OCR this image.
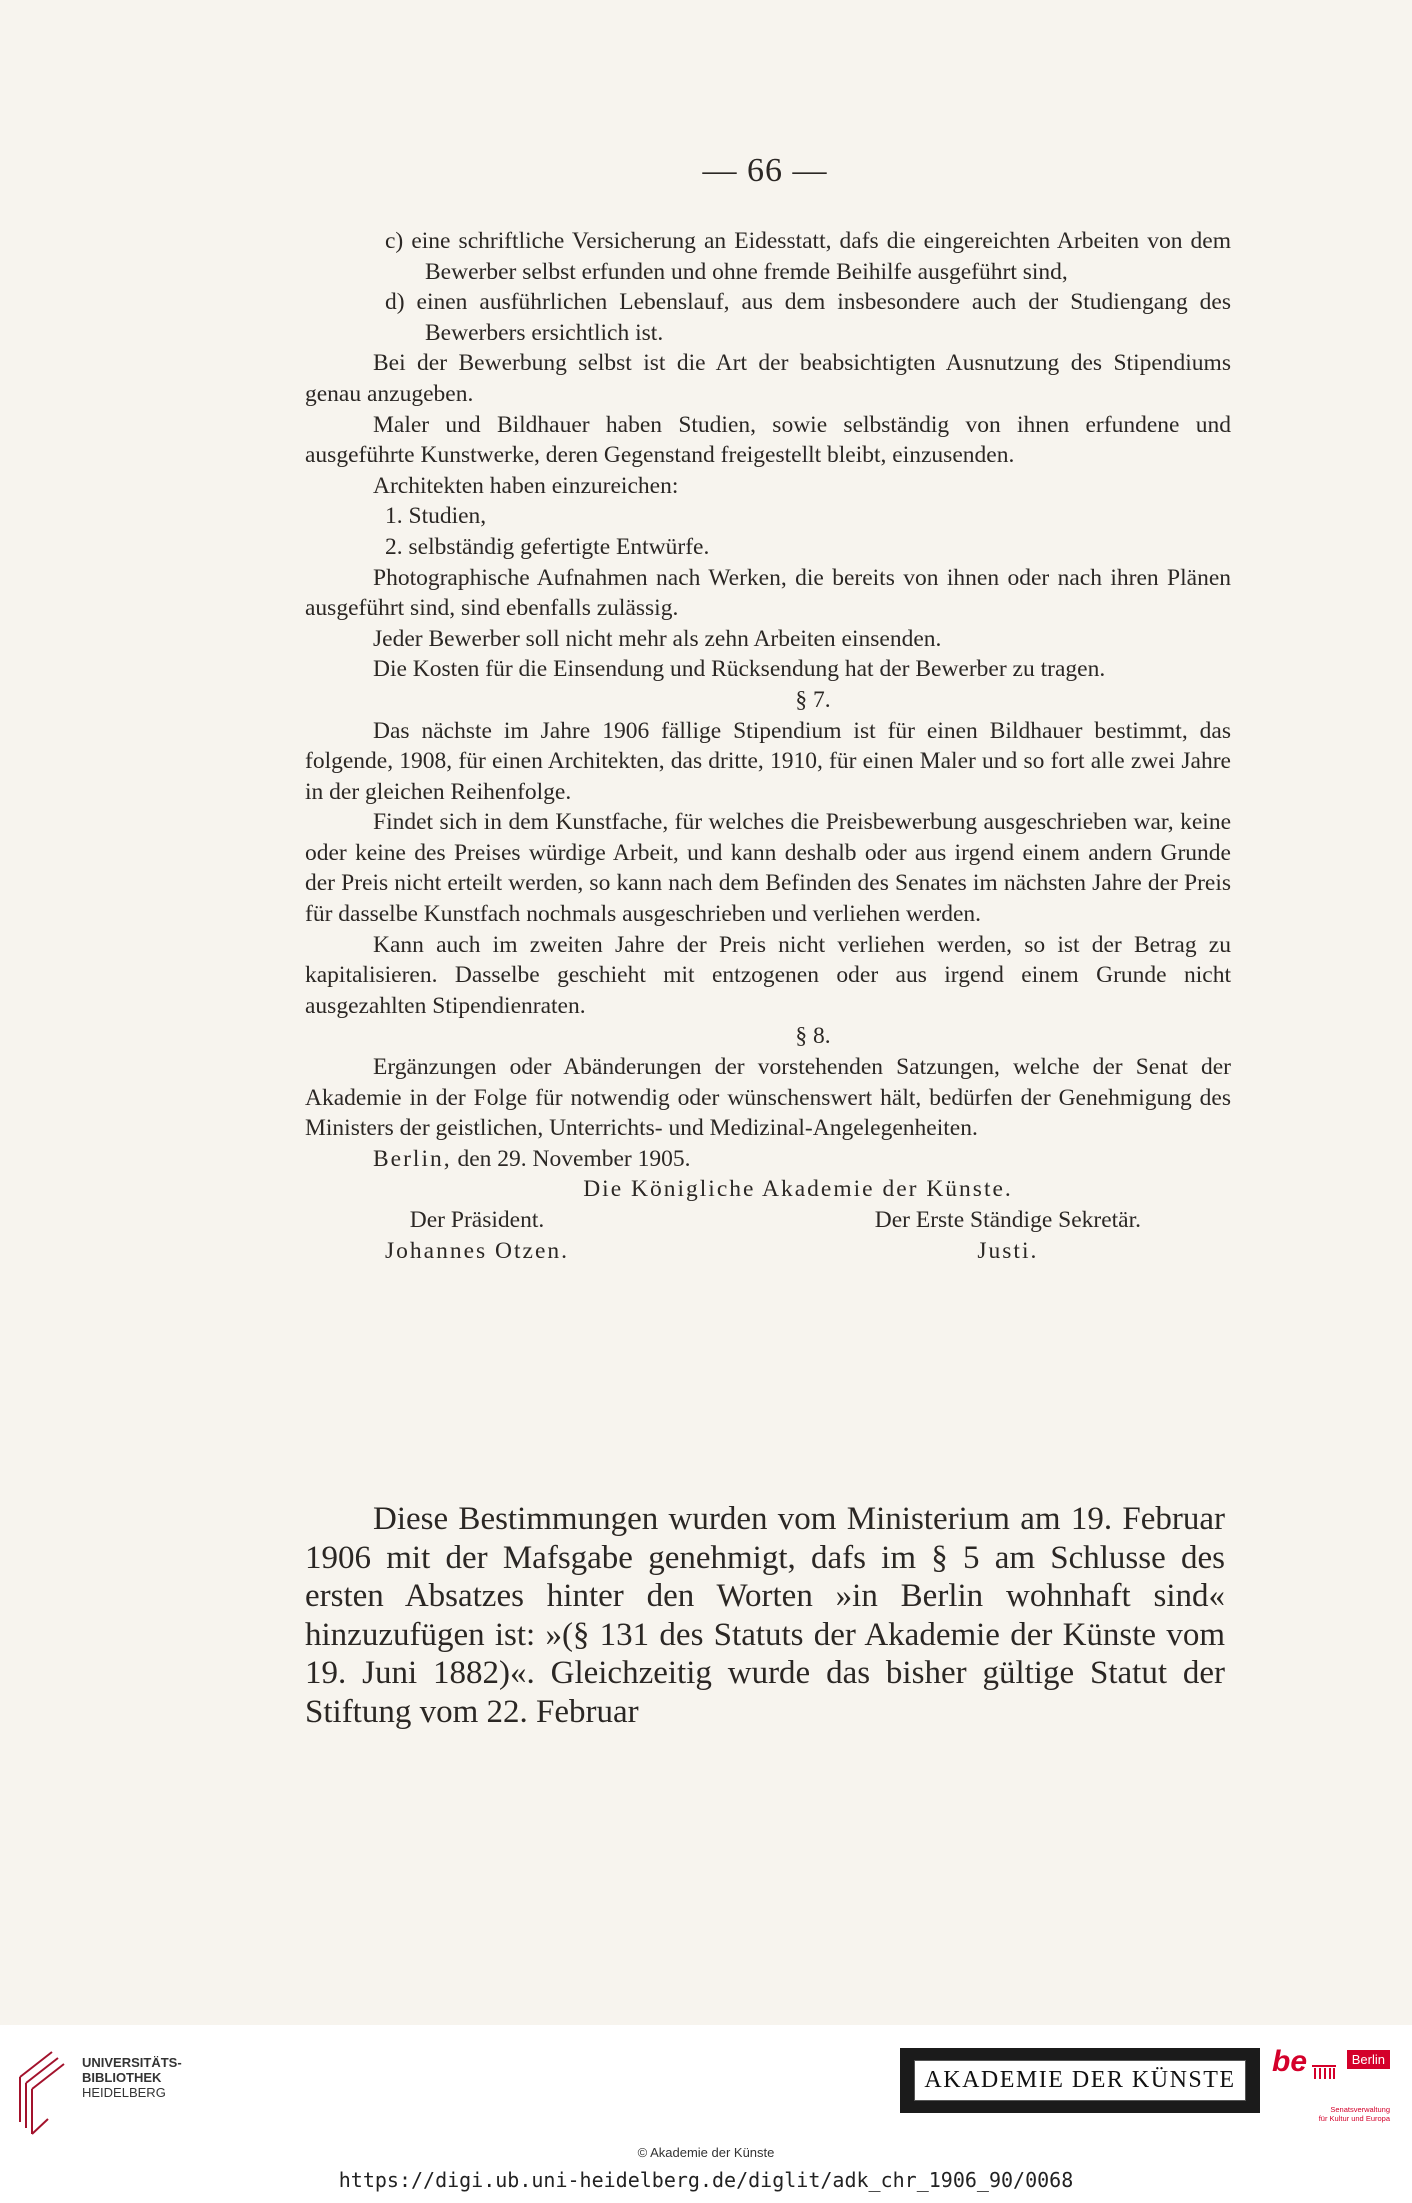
— 66 —

c) eine schriftliche Versicherung an Eidesstatt, dafs die eingereichten Arbeiten von dem Bewerber selbst erfunden und ohne fremde Beihilfe ausgeführt sind,

d) einen ausführlichen Lebenslauf, aus dem insbesondere auch der Studiengang des Bewerbers ersichtlich ist.

Bei der Bewerbung selbst ist die Art der beabsichtigten Ausnutzung des Stipendiums genau anzugeben.

Maler und Bildhauer haben Studien, sowie selbständig von ihnen erfundene und ausgeführte Kunstwerke, deren Gegenstand freigestellt bleibt, einzusenden.

Architekten haben einzureichen:

1. Studien,

2. selbständig gefertigte Entwürfe.

Photographische Aufnahmen nach Werken, die bereits von ihnen oder nach ihren Plänen ausgeführt sind, sind ebenfalls zulässig.

Jeder Bewerber soll nicht mehr als zehn Arbeiten einsenden.

Die Kosten für die Einsendung und Rücksendung hat der Bewerber zu tragen.

§ 7.

Das nächste im Jahre 1906 fällige Stipendium ist für einen Bildhauer bestimmt, das folgende, 1908, für einen Architekten, das dritte, 1910, für einen Maler und so fort alle zwei Jahre in der gleichen Reihenfolge.

Findet sich in dem Kunstfache, für welches die Preisbewerbung ausgeschrieben war, keine oder keine des Preises würdige Arbeit, und kann deshalb oder aus irgend einem andern Grunde der Preis nicht erteilt werden, so kann nach dem Befinden des Senates im nächsten Jahre der Preis für dasselbe Kunstfach nochmals ausgeschrieben und verliehen werden.

Kann auch im zweiten Jahre der Preis nicht verliehen werden, so ist der Betrag zu kapitalisieren. Dasselbe geschieht mit entzogenen oder aus irgend einem Grunde nicht ausgezahlten Stipendienraten.

§ 8.

Ergänzungen oder Abänderungen der vorstehenden Satzungen, welche der Senat der Akademie in der Folge für notwendig oder wünschenswert hält, bedürfen der Genehmigung des Ministers der geistlichen, Unterrichts- und Medizinal-Angelegenheiten.

Berlin, den 29. November 1905.

Die Königliche Akademie der Künste.

Der Präsident.
Johannes Otzen.
Der Erste Ständige Sekretär.
Justi.

Diese Bestimmungen wurden vom Ministerium am 19. Februar 1906 mit der Mafsgabe genehmigt, dafs im § 5 am Schlusse des ersten Absatzes hinter den Worten »in Berlin wohnhaft sind« hinzuzufügen ist: »(§ 131 des Statuts der Akademie der Künste vom 19. Juni 1882)«. Gleichzeitig wurde das bisher gültige Statut der Stiftung vom 22. Februar

UNIVERSITÄTS-
BIBLIOTHEK
HEIDELBERG	AKADEMIE DER KÜNSTE
be	Berlin
Senatsverwaltung
für Kultur und Europa
© Akademie der Künste
https://digi.ub.uni-heidelberg.de/diglit/adk_chr_1906_90/0068
